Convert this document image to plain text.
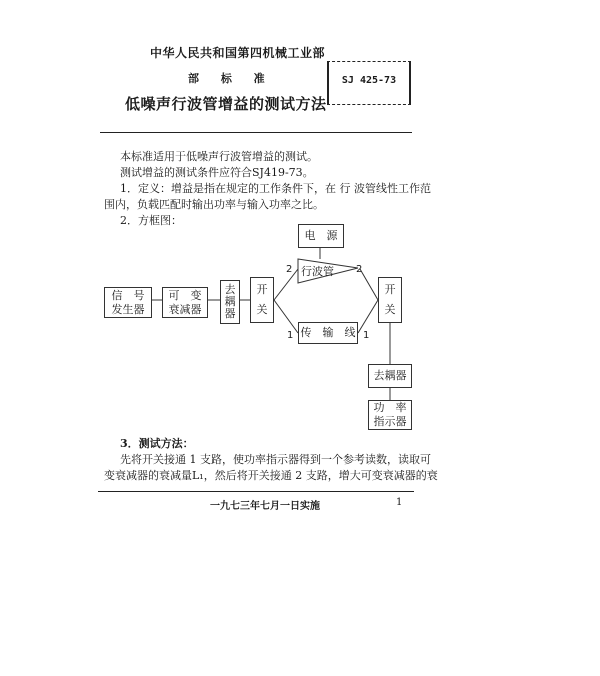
中华人民共和国第四机械工业部
部 标 准
低噪声行波管增益的测试方法
SJ 425-73
本标准适用于低噪声行波管增益的测试。
测试增益的测试条件应符合SJ419-73。
1．定义：增益是指在规定的工作条件下，在 行 波管线性工作范
围内，负载匹配时输出功率与输入功率之比。
2．方框图：
电　源
行波管
2	2
信　号
发生器
可　变
衰减器
去
耦
器
开
关
传　输　线
1	1
开
关
去耦器
功　率
指示器
3．测试方法：
先将开关接通 1 支路，使功率指示器得到一个参考读数，读取可
变衰减器的衰减量L₁，然后将开关接通 2 支路，增大可变衰减器的衰
一九七三年七月一日实施	1
